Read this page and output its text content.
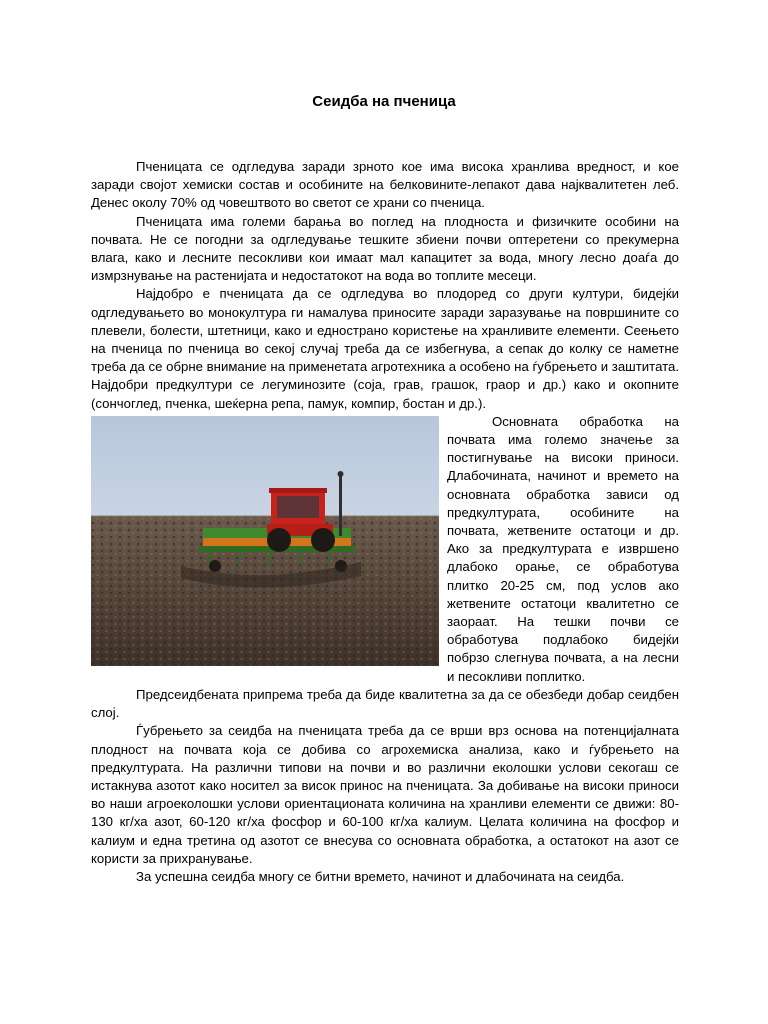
Сеидба на пченица

Пченицата се одгледува заради зрното кое има висока хранлива вредност, и кое заради својот хемиски состав и особините на белковините-лепакот дава најквалитетен леб. Денес околу 70% од човештвото во светот се храни со пченица.

Пченицата има големи барања во поглед на плодноста и физичките особини на почвата. Не се погодни за одгледување тешките збиени почви оптеретени со прекумерна влага, како и лесните песокливи кои имаат мал капацитет за вода, многу лесно доаѓа до измрзнување на растенијата и недостатокот на вода во топлите месеци.

Најдобро е пченицата да се одгледува во плодоред со други култури, бидејќи одгледувањето во монокултура ги намалува приносите заради заразување на површините со плевели, болести, штетници, како и еднострано користење на хранливите елементи. Сеењето на пченица по пченица во секој случај треба да се избегнува, а сепак до колку се наметне треба да се обрне внимание на применетата агротехника а особено на ѓубрењето и заштитата. Најдобри предкултури се легуминозите (соја, грав, грашок, граор и др.) како и окопните (сончоглед, пченка, шеќерна репа, памук, компир, бостан и др.).

Основната обработка на почвата има големо значење за постигнување на високи приноси. Длабочината, начинот и времето на основната обработка зависи од предкултурата, особините на почвата, жетвените остатоци и др. Ако за предкултурата е извршено длабоко орање, се обработува плитко 20-25 см, под услов ако жетвените остатоци квалитетно се заораат. На тешки почви се обработува подлабоко бидејќи побрзо слегнува почвата, а на лесни и песокливи поплитко.

Предсеидбената припрема треба да биде квалитетна за да се обезбеди добар сеидбен слој.

Ѓубрењето за сеидба на пченицата треба да се врши врз основа на потенцијалната плодност на почвата која се добива со агрохемиска анализа, како и ѓубрењето на предкултурата. На различни типови на почви и во различни еколошки услови секогаш се истакнува азотот како носител за висок принос на пченицата. За добивање на високи приноси во наши агроеколошки услови ориентационата количина на хранливи елементи се движи: 80-130 кг/ха азот, 60-120 кг/ха фосфор и 60-100 кг/ха калиум. Целата количина на фосфор и калиум и една третина од азотот се внесува со основната обработка, а остатокот на азот се користи за прихранување.

За успешна сеидба многу се битни времето, начинот и длабочината на сеидба.
